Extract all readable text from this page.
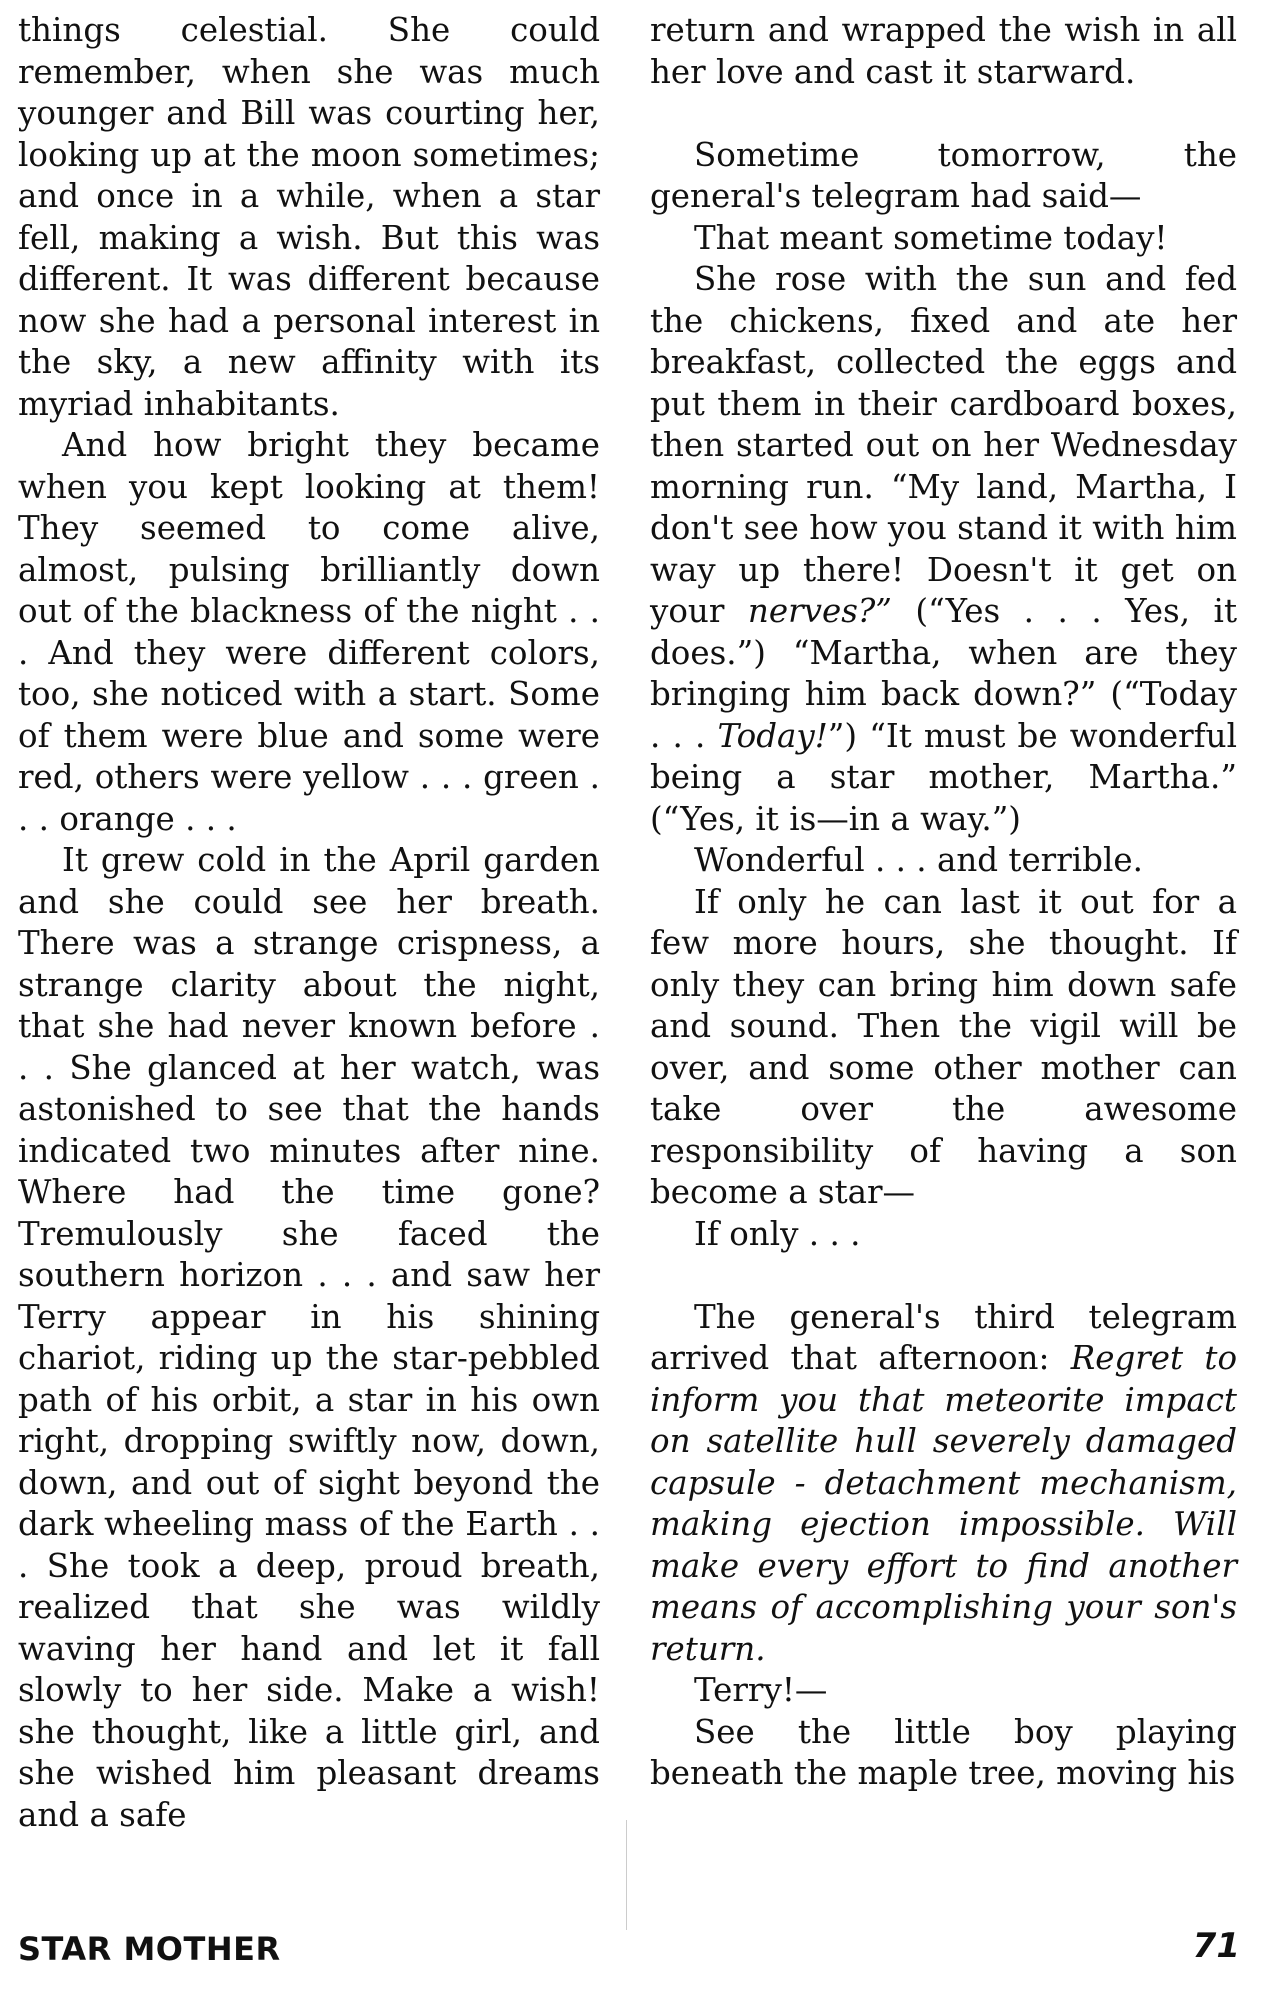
things celestial. She could remember, when she was much younger and Bill was courting her, looking up at the moon sometimes; and once in a while, when a star fell, making a wish. But this was different. It was different because now she had a personal interest in the sky, a new affinity with its myriad inhabitants.

And how bright they became when you kept looking at them! They seemed to come alive, almost, pulsing brilliantly down out of the blackness of the night . . . And they were different colors, too, she noticed with a start. Some of them were blue and some were red, others were yellow . . . green . . . orange . . .

It grew cold in the April garden and she could see her breath. There was a strange crispness, a strange clarity about the night, that she had never known before . . . She glanced at her watch, was astonished to see that the hands indicated two minutes after nine. Where had the time gone? Tremulously she faced the southern horizon . . . and saw her Terry appear in his shining chariot, riding up the star-pebbled path of his orbit, a star in his own right, dropping swiftly now, down, down, and out of sight beyond the dark wheeling mass of the Earth . . . She took a deep, proud breath, realized that she was wildly waving her hand and let it fall slowly to her side. Make a wish! she thought, like a little girl, and she wished him pleasant dreams and a safe

return and wrapped the wish in all her love and cast it starward.

Sometime tomorrow, the general's telegram had said—

That meant sometime today!

She rose with the sun and fed the chickens, fixed and ate her breakfast, collected the eggs and put them in their cardboard boxes, then started out on her Wednesday morning run. “My land, Martha, I don't see how you stand it with him way up there! Doesn't it get on your nerves?” (“Yes . . . Yes, it does.”) “Martha, when are they bringing him back down?” (“Today . . . Today!”) “It must be wonderful being a star mother, Martha.” (“Yes, it is—in a way.”)

Wonderful . . . and terrible.

If only he can last it out for a few more hours, she thought. If only they can bring him down safe and sound. Then the vigil will be over, and some other mother can take over the awesome responsibility of having a son become a star—

If only . . .

The general's third telegram arrived that afternoon: Regret to inform you that meteorite impact on satellite hull severely damaged capsule - detachment mechanism, making ejection impossible. Will make every effort to find another means of accomplishing your son's return.

Terry!—

See the little boy playing beneath the maple tree, moving his

STAR MOTHER	71
